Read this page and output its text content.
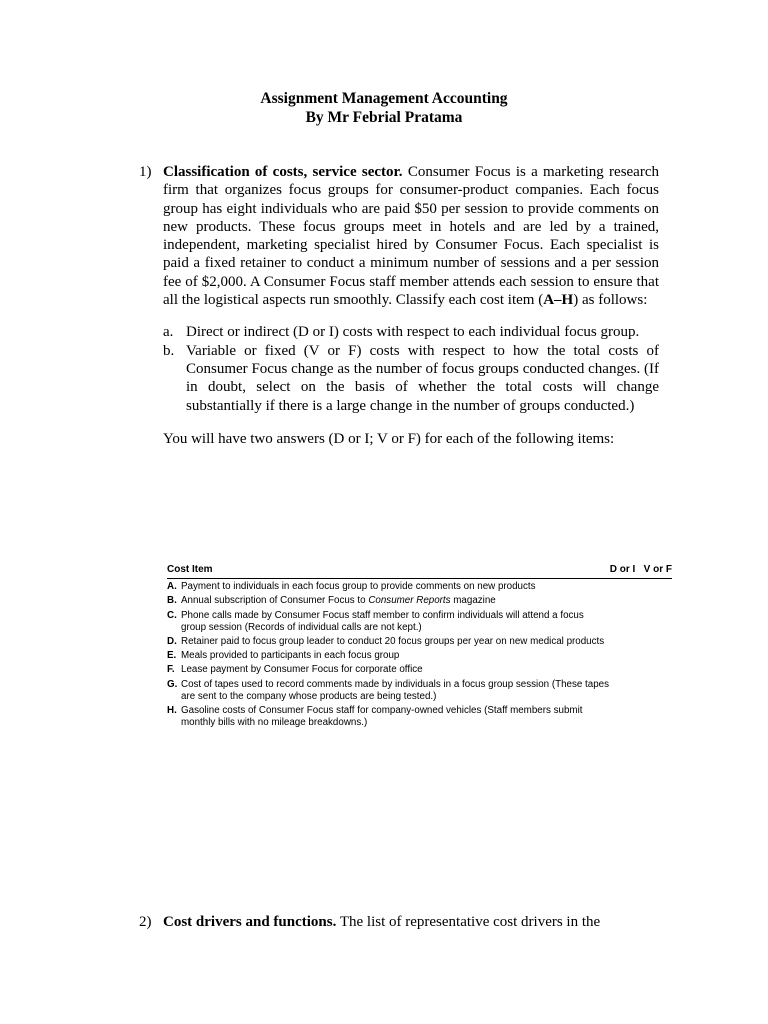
Assignment Management Accounting
By Mr Febrial Pratama
1) Classification of costs, service sector. Consumer Focus is a marketing research firm that organizes focus groups for consumer-product companies. Each focus group has eight individuals who are paid $50 per session to provide comments on new products. These focus groups meet in hotels and are led by a trained, independent, marketing specialist hired by Consumer Focus. Each specialist is paid a fixed retainer to conduct a minimum number of sessions and a per session fee of $2,000. A Consumer Focus staff member attends each session to ensure that all the logistical aspects run smoothly. Classify each cost item (A–H) as follows:
a. Direct or indirect (D or I) costs with respect to each individual focus group.
b. Variable or fixed (V or F) costs with respect to how the total costs of Consumer Focus change as the number of focus groups conducted changes. (If in doubt, select on the basis of whether the total costs will change substantially if there is a large change in the number of groups conducted.)
You will have two answers (D or I; V or F) for each of the following items:
Cost Item	D or I   V or F
A. Payment to individuals in each focus group to provide comments on new products
B. Annual subscription of Consumer Focus to Consumer Reports magazine
C. Phone calls made by Consumer Focus staff member to confirm individuals will attend a focus group session (Records of individual calls are not kept.)
D. Retainer paid to focus group leader to conduct 20 focus groups per year on new medical products
E. Meals provided to participants in each focus group
F. Lease payment by Consumer Focus for corporate office
G. Cost of tapes used to record comments made by individuals in a focus group session (These tapes are sent to the company whose products are being tested.)
H. Gasoline costs of Consumer Focus staff for company-owned vehicles (Staff members submit monthly bills with no mileage breakdowns.)
2) Cost drivers and functions. The list of representative cost drivers in the
